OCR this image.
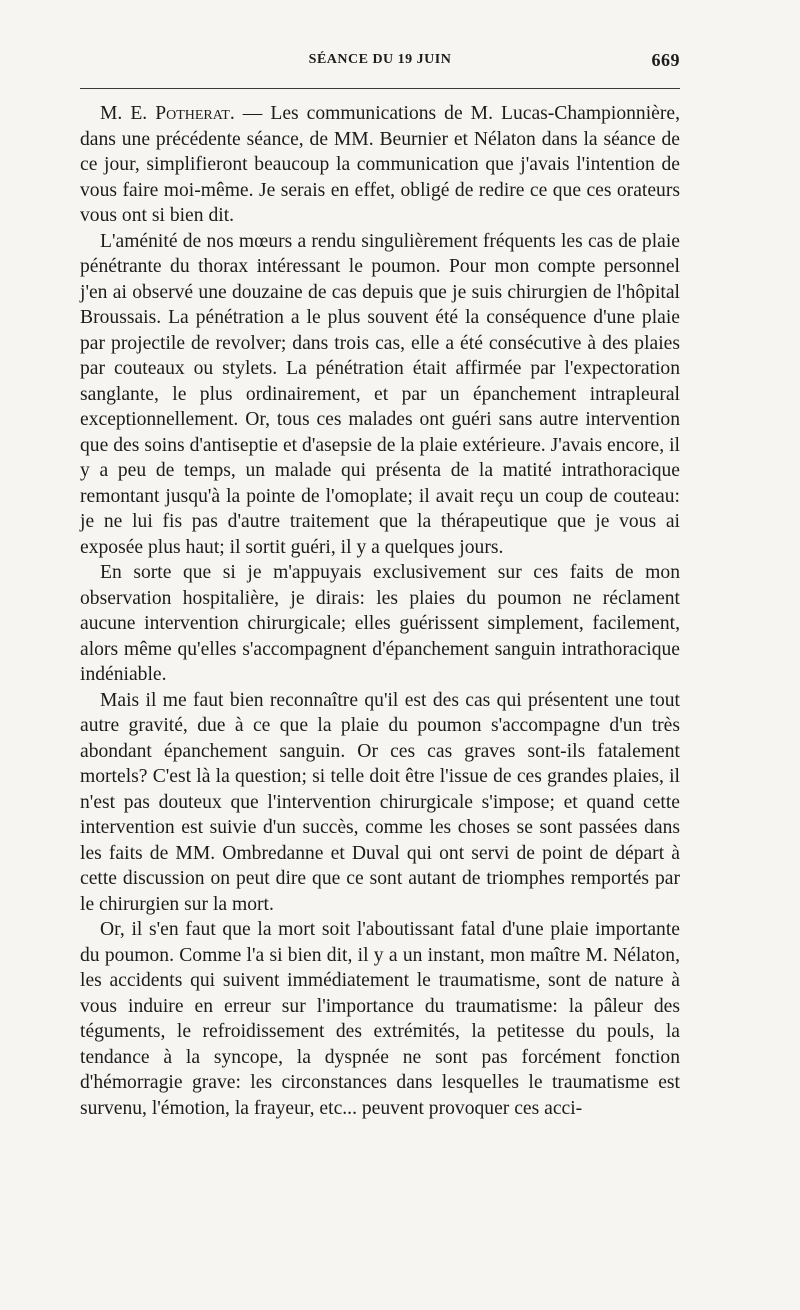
SÉANCE DU 19 JUIN	669

M. E. Potherat. — Les communications de M. Lucas-Championnière, dans une précédente séance, de MM. Beurnier et Nélaton dans la séance de ce jour, simplifieront beaucoup la communication que j'avais l'intention de vous faire moi-même. Je serais en effet, obligé de redire ce que ces orateurs vous ont si bien dit.

L'aménité de nos mœurs a rendu singulièrement fréquents les cas de plaie pénétrante du thorax intéressant le poumon. Pour mon compte personnel j'en ai observé une douzaine de cas depuis que je suis chirurgien de l'hôpital Broussais. La pénétration a le plus souvent été la conséquence d'une plaie par projectile de revolver; dans trois cas, elle a été consécutive à des plaies par couteaux ou stylets. La pénétration était affirmée par l'expectoration sanglante, le plus ordinairement, et par un épanchement intrapleural exceptionnellement. Or, tous ces malades ont guéri sans autre intervention que des soins d'antiseptie et d'asepsie de la plaie extérieure. J'avais encore, il y a peu de temps, un malade qui présenta de la matité intrathoracique remontant jusqu'à la pointe de l'omoplate; il avait reçu un coup de couteau: je ne lui fis pas d'autre traitement que la thérapeutique que je vous ai exposée plus haut; il sortit guéri, il y a quelques jours.

En sorte que si je m'appuyais exclusivement sur ces faits de mon observation hospitalière, je dirais: les plaies du poumon ne réclament aucune intervention chirurgicale; elles guérissent simplement, facilement, alors même qu'elles s'accompagnent d'épanchement sanguin intrathoracique indéniable.

Mais il me faut bien reconnaître qu'il est des cas qui présentent une tout autre gravité, due à ce que la plaie du poumon s'accompagne d'un très abondant épanchement sanguin. Or ces cas graves sont-ils fatalement mortels? C'est là la question; si telle doit être l'issue de ces grandes plaies, il n'est pas douteux que l'intervention chirurgicale s'impose; et quand cette intervention est suivie d'un succès, comme les choses se sont passées dans les faits de MM. Ombredanne et Duval qui ont servi de point de départ à cette discussion on peut dire que ce sont autant de triomphes remportés par le chirurgien sur la mort.

Or, il s'en faut que la mort soit l'aboutissant fatal d'une plaie importante du poumon. Comme l'a si bien dit, il y a un instant, mon maître M. Nélaton, les accidents qui suivent immédiatement le traumatisme, sont de nature à vous induire en erreur sur l'importance du traumatisme: la pâleur des téguments, le refroidissement des extrémités, la petitesse du pouls, la tendance à la syncope, la dyspnée ne sont pas forcément fonction d'hémorragie grave: les circonstances dans lesquelles le traumatisme est survenu, l'émotion, la frayeur, etc... peuvent provoquer ces acci-
